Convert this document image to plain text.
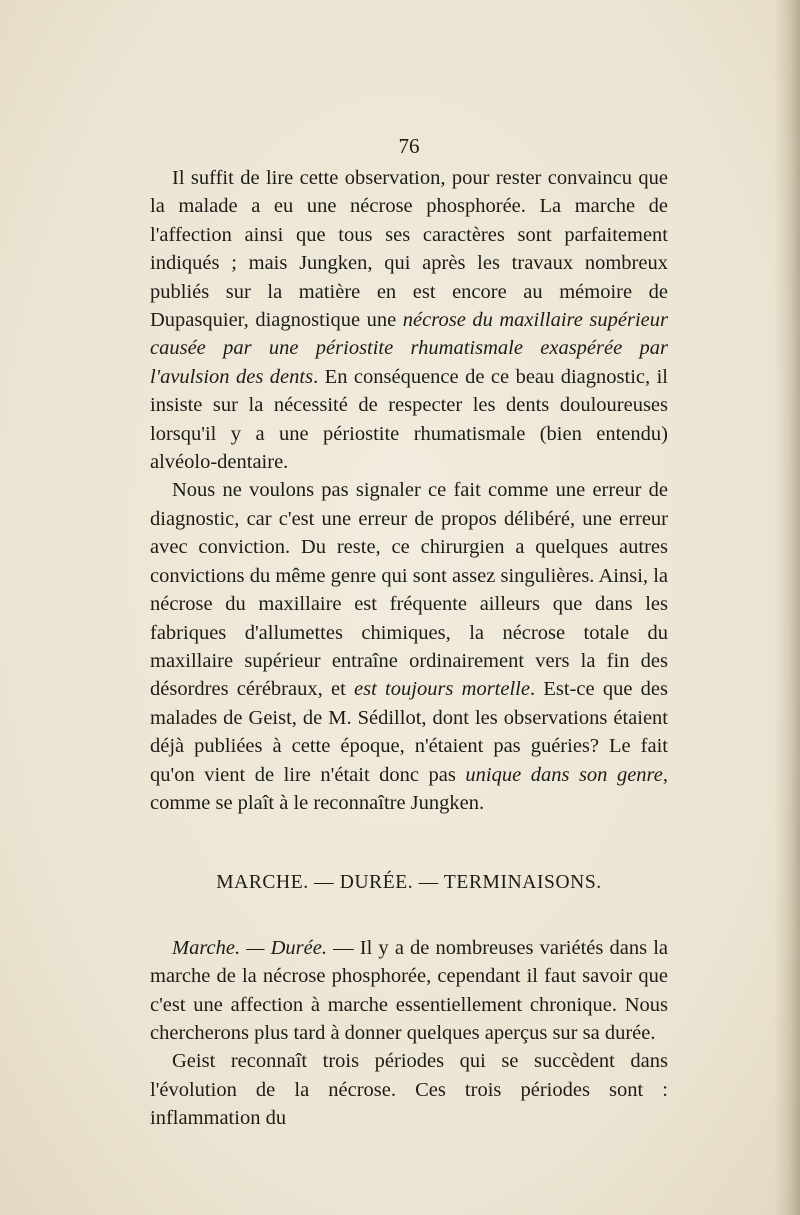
76

Il suffit de lire cette observation, pour rester convaincu que la malade a eu une nécrose phosphorée. La marche de l'affection ainsi que tous ses caractères sont parfaitement indiqués ; mais Jungken, qui après les travaux nombreux publiés sur la matière en est encore au mémoire de Dupasquier, diagnostique une nécrose du maxillaire supérieur causée par une périostite rhumatismale exaspérée par l'avulsion des dents. En conséquence de ce beau diagnostic, il insiste sur la nécessité de respecter les dents douloureuses lorsqu'il y a une périostite rhumatismale (bien entendu) alvéolo-dentaire.

Nous ne voulons pas signaler ce fait comme une erreur de diagnostic, car c'est une erreur de propos délibéré, une erreur avec conviction. Du reste, ce chirurgien a quelques autres convictions du même genre qui sont assez singulières. Ainsi, la nécrose du maxillaire est fréquente ailleurs que dans les fabriques d'allumettes chimiques, la nécrose totale du maxillaire supérieur entraîne ordinairement vers la fin des désordres cérébraux, et est toujours mortelle. Est-ce que des malades de Geist, de M. Sédillot, dont les observations étaient déjà publiées à cette époque, n'étaient pas guéries? Le fait qu'on vient de lire n'était donc pas unique dans son genre, comme se plaît à le reconnaître Jungken.

MARCHE. — DURÉE. — TERMINAISONS.

Marche. — Durée. — Il y a de nombreuses variétés dans la marche de la nécrose phosphorée, cependant il faut savoir que c'est une affection à marche essentiellement chronique. Nous chercherons plus tard à donner quelques aperçus sur sa durée.

Geist reconnaît trois périodes qui se succèdent dans l'évolution de la nécrose. Ces trois périodes sont : inflammation du
